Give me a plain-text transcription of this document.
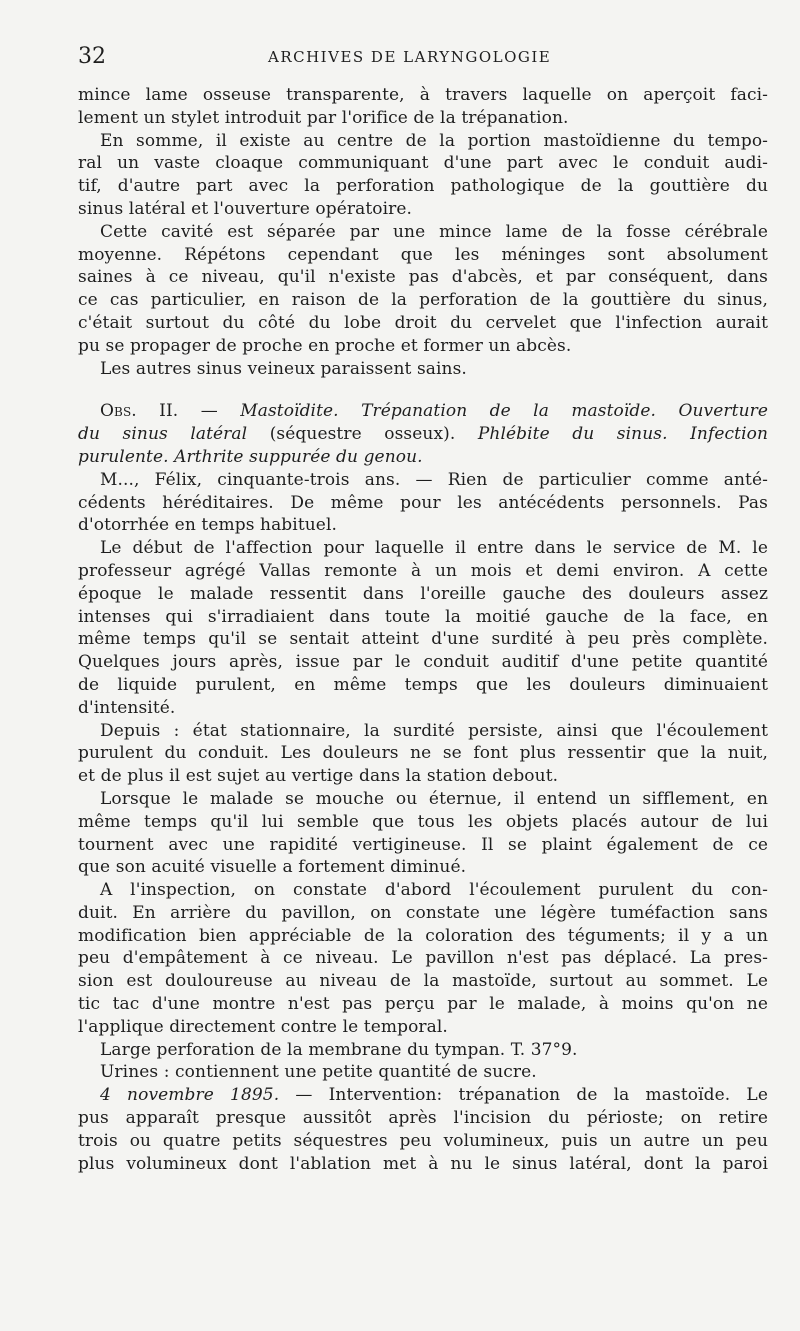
32	ARCHIVES DE LARYNGOLOGIE
mince lame osseuse transparente, à travers laquelle on aperçoit faci-
lement un stylet introduit par l'orifice de la trépanation.
En somme, il existe au centre de la portion mastoïdienne du tempo-
ral un vaste cloaque communiquant d'une part avec le conduit audi-
tif, d'autre part avec la perforation pathologique de la gouttière du
sinus latéral et l'ouverture opératoire.
Cette cavité est séparée par une mince lame de la fosse cérébrale
moyenne. Répétons cependant que les méninges sont absolument
saines à ce niveau, qu'il n'existe pas d'abcès, et par conséquent, dans
ce cas particulier, en raison de la perforation de la gouttière du sinus,
c'était surtout du côté du lobe droit du cervelet que l'infection aurait
pu se propager de proche en proche et former un abcès.
Les autres sinus veineux paraissent sains.
Obs. II. — Mastoïdite. Trépanation de la mastoïde. Ouverture
du sinus latéral (séquestre osseux). Phlébite du sinus. Infection
purulente. Arthrite suppurée du genou.
M..., Félix, cinquante-trois ans. — Rien de particulier comme anté-
cédents héréditaires. De même pour les antécédents personnels. Pas
d'otorrhée en temps habituel.
Le début de l'affection pour laquelle il entre dans le service de M. le
professeur agrégé Vallas remonte à un mois et demi environ. A cette
époque le malade ressentit dans l'oreille gauche des douleurs assez
intenses qui s'irradiaient dans toute la moitié gauche de la face, en
même temps qu'il se sentait atteint d'une surdité à peu près complète.
Quelques jours après, issue par le conduit auditif d'une petite quantité
de liquide purulent, en même temps que les douleurs diminuaient
d'intensité.
Depuis : état stationnaire, la surdité persiste, ainsi que l'écoulement
purulent du conduit. Les douleurs ne se font plus ressentir que la nuit,
et de plus il est sujet au vertige dans la station debout.
Lorsque le malade se mouche ou éternue, il entend un sifflement, en
même temps qu'il lui semble que tous les objets placés autour de lui
tournent avec une rapidité vertigineuse. Il se plaint également de ce
que son acuité visuelle a fortement diminué.
A l'inspection, on constate d'abord l'écoulement purulent du con-
duit. En arrière du pavillon, on constate une légère tuméfaction sans
modification bien appréciable de la coloration des téguments; il y a un
peu d'empâtement à ce niveau. Le pavillon n'est pas déplacé. La pres-
sion est douloureuse au niveau de la mastoïde, surtout au sommet. Le
tic tac d'une montre n'est pas perçu par le malade, à moins qu'on ne
l'applique directement contre le temporal.
Large perforation de la membrane du tympan. T. 37°9.
Urines : contiennent une petite quantité de sucre.
4 novembre 1895. — Intervention: trépanation de la mastoïde. Le
pus apparaît presque aussitôt après l'incision du périoste; on retire
trois ou quatre petits séquestres peu volumineux, puis un autre un peu
plus volumineux dont l'ablation met à nu le sinus latéral, dont la paroi
